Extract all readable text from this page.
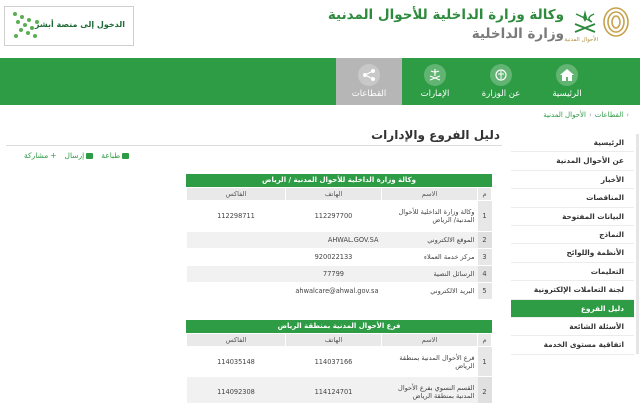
الدخول إلى منصة أبشر
وكالة وزارة الداخلية للأحوال المدنية
وزارة الداخلية الأحوال المدنية
الرئيسية
عن الوزارة
الإمارات
القطاعات
القطاعات›الأحوال المدنية	›
دليل الفروع والإدارات
طباعة
إرسال
+
مشاركة
وكالة وزارة الداخلية للأحوال المدنية / الرياض
م	الاسم	الهاتف	الفاكس
1	وكالة وزارة الداخلية للأحوال المدنية/ الرياض	112297700	112298711
2	الموقع الالكتروني	AHWAL.GOV.SA	
3	مركز خدمة العملاء	920022133	
4	الرسائل النصية	77799	
5	البريد الالكتروني	ahwalcare@ahwal.gov.sa	
فرع الأحوال المدنية بمنطقة الرياض
م	الاسم	الهاتف	الفاكس
1	فرع الأحوال المدنية بمنطقة الرياض	114037166	114035148
2	القسم النسوي بفرع الأحوال المدنية بمنطقة الرياض	114124701	114092308
الرئيسية
عن الأحوال المدنية
الأخبار
المناقصات
البيانات المفتوحة
النماذج
الأنظمة واللوائح
التعليمات
لجنة التعاملات الإلكترونية
دليل الفروع
الأسئلة الشائعة
اتفاقية مستوى الخدمة
